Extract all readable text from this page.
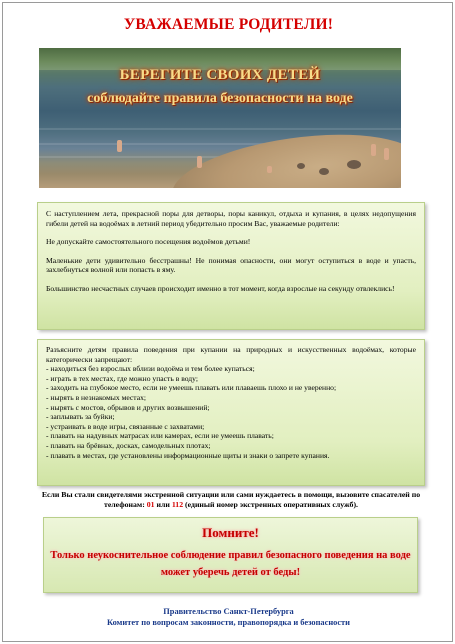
УВАЖАЕМЫЕ РОДИТЕЛИ!
БЕРЕГИТЕ СВОИХ ДЕТЕЙ
соблюдайте правила безопасности на воде

С наступлением лета, прекрасной поры для детворы, поры каникул, отдыха и купания, в целях недопущения гибели детей на водоёмах в летний период убедительно просим Вас, уважаемые родители:

Не допускайте самостоятельного посещения водоёмов детьми!

Маленькие дети удивительно бесстрашны! Не понимая опасности, они могут оступиться в воде и упасть, захлебнуться волной или попасть в яму.

Большинство несчастных случаев происходит именно в тот момент, когда взрослые на секунду отвлеклись!

Разъясните детям правила поведения при купании на природных и искусственных водоёмах, которые категорически запрещают:

- находиться без взрослых вблизи водоёма и тем более купаться;
- играть в тех местах, где можно упасть в воду;
- заходить на глубокое место, если не умеешь плавать или плаваешь плохо и не уверенно;
- нырять в незнакомых местах;
- нырять с мостов, обрывов и других возвышений;
- заплывать за буйки;
- устраивать в воде игры, связанные с захватами;
- плавать на надувных матрасах или камерах, если не умеешь плавать;
- плавать на брёвнах, досках, самодельных плотах;
- плавать в местах, где установлены информационные щиты и знаки о запрете купания.
Если Вы стали свидетелями экстренной ситуации или сами нуждаетесь в помощи, вызовите спасателей по телефонам: 01 или 112 (единый номер экстренных оперативных служб).
Помните!
Только неукоснительное соблюдение правил безопасного поведения на воде может уберечь детей от беды!
Правительство Санкт-Петербурга
Комитет по вопросам законности, правопорядка и безопасности
